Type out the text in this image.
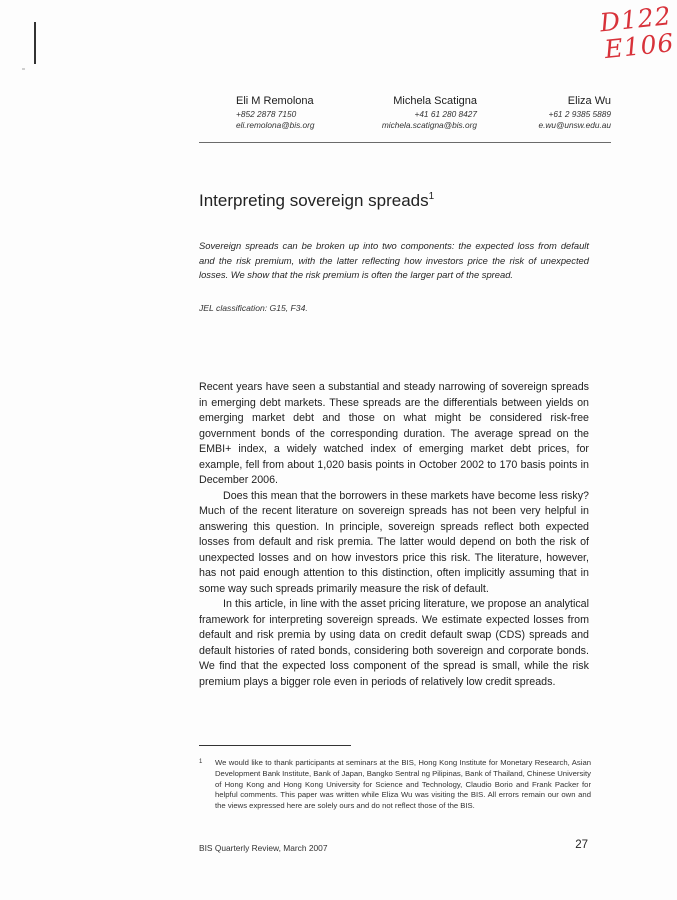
D122
E106
Eli M Remolona
+852 2878 7150
eli.remolona@bis.org
Michela Scatigna
+41 61 280 8427
michela.scatigna@bis.org
Eliza Wu
+61 2 9385 5889
e.wu@unsw.edu.au
Interpreting sovereign spreads$^1$
Sovereign spreads can be broken up into two components: the expected loss from default and the risk premium, with the latter reflecting how investors price the risk of unexpected losses. We show that the risk premium is often the larger part of the spread.
JEL classification: G15, F34.

Recent years have seen a substantial and steady narrowing of sovereign spreads in emerging debt markets. These spreads are the differentials between yields on emerging market debt and those on what might be considered risk-free government bonds of the corresponding duration. The average spread on the EMBI+ index, a widely watched index of emerging market debt prices, for example, fell from about 1,020 basis points in October 2002 to 170 basis points in December 2006.

Does this mean that the borrowers in these markets have become less risky? Much of the recent literature on sovereign spreads has not been very helpful in answering this question. In principle, sovereign spreads reflect both expected losses from default and risk premia. The latter would depend on both the risk of unexpected losses and on how investors price this risk. The literature, however, has not paid enough attention to this distinction, often implicitly assuming that in some way such spreads primarily measure the risk of default.

In this article, in line with the asset pricing literature, we propose an analytical framework for interpreting sovereign spreads. We estimate expected losses from default and risk premia by using data on credit default swap (CDS) spreads and default histories of rated bonds, considering both sovereign and corporate bonds. We find that the expected loss component of the spread is small, while the risk premium plays a bigger role even in periods of relatively low credit spreads.

1 We would like to thank participants at seminars at the BIS, Hong Kong Institute for Monetary Research, Asian Development Bank Institute, Bank of Japan, Bangko Sentral ng Pilipinas, Bank of Thailand, Chinese University of Hong Kong and Hong Kong University for Science and Technology, Claudio Borio and Frank Packer for helpful comments. This paper was written while Eliza Wu was visiting the BIS. All errors remain our own and the views expressed here are solely ours and do not reflect those of the BIS.
BIS Quarterly Review, March 2007	27
